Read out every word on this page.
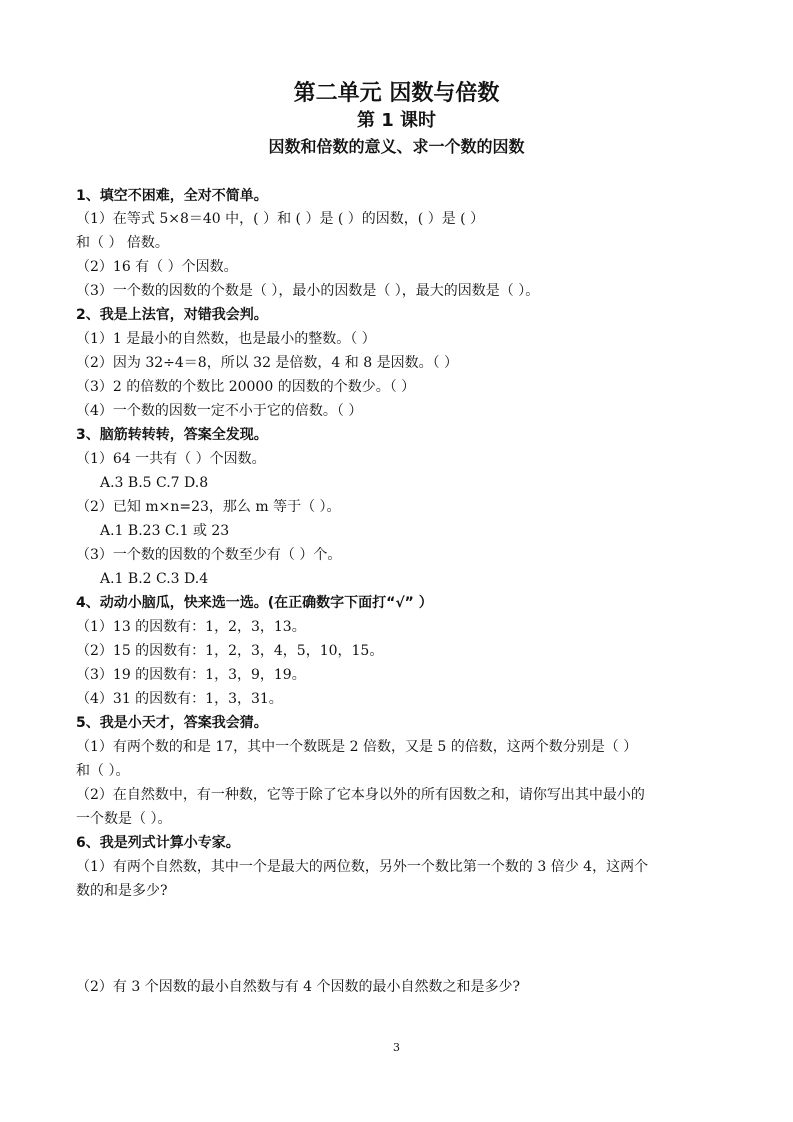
第二单元 因数与倍数
第 1 课时
因数和倍数的意义、求一个数的因数
1、填空不困难，全对不简单。
（1）在等式 5×8＝40 中，( ）和 ( ）是 ( ）的因数，( ）是 ( ）
和（ ） 倍数。
（2）16 有（ ）个因数。
（3）一个数的因数的个数是（ ），最小的因数是（ ），最大的因数是（ ）。
2、我是上法官，对错我会判。
（1）1 是最小的自然数，也是最小的整数。（ ）
（2）因为 32÷4＝8，所以 32 是倍数，4 和 8 是因数。（ ）
（3）2 的倍数的个数比 20000 的因数的个数少。（ ）
（4）一个数的因数一定不小于它的倍数。（ ）
3、脑筋转转转，答案全发现。
（1）64 一共有（ ）个因数。
A.3 B.5 C.7 D.8
（2）已知 m×n=23，那么 m 等于（ ）。
A.1 B.23 C.1 或 23
（3）一个数的因数的个数至少有（ ）个。
A.1 B.2 C.3 D.4
4、动动小脑瓜，快来选一选。(在正确数字下面打“√” ）
（1）13 的因数有：1，2，3，13。
（2）15 的因数有：1，2，3，4，5，10，15。
（3）19 的因数有：1，3，9，19。
（4）31 的因数有：1，3，31。
5、我是小天才，答案我会猜。
（1）有两个数的和是 17，其中一个数既是 2 倍数，又是 5 的倍数，这两个数分别是（ ）
和（ ）。
（2）在自然数中，有一种数，它等于除了它本身以外的所有因数之和，请你写出其中最小的
一个数是（ ）。
6、我是列式计算小专家。
（1）有两个自然数，其中一个是最大的两位数，另外一个数比第一个数的 3 倍少 4，这两个
数的和是多少?
（2）有 3 个因数的最小自然数与有 4 个因数的最小自然数之和是多少?
3
